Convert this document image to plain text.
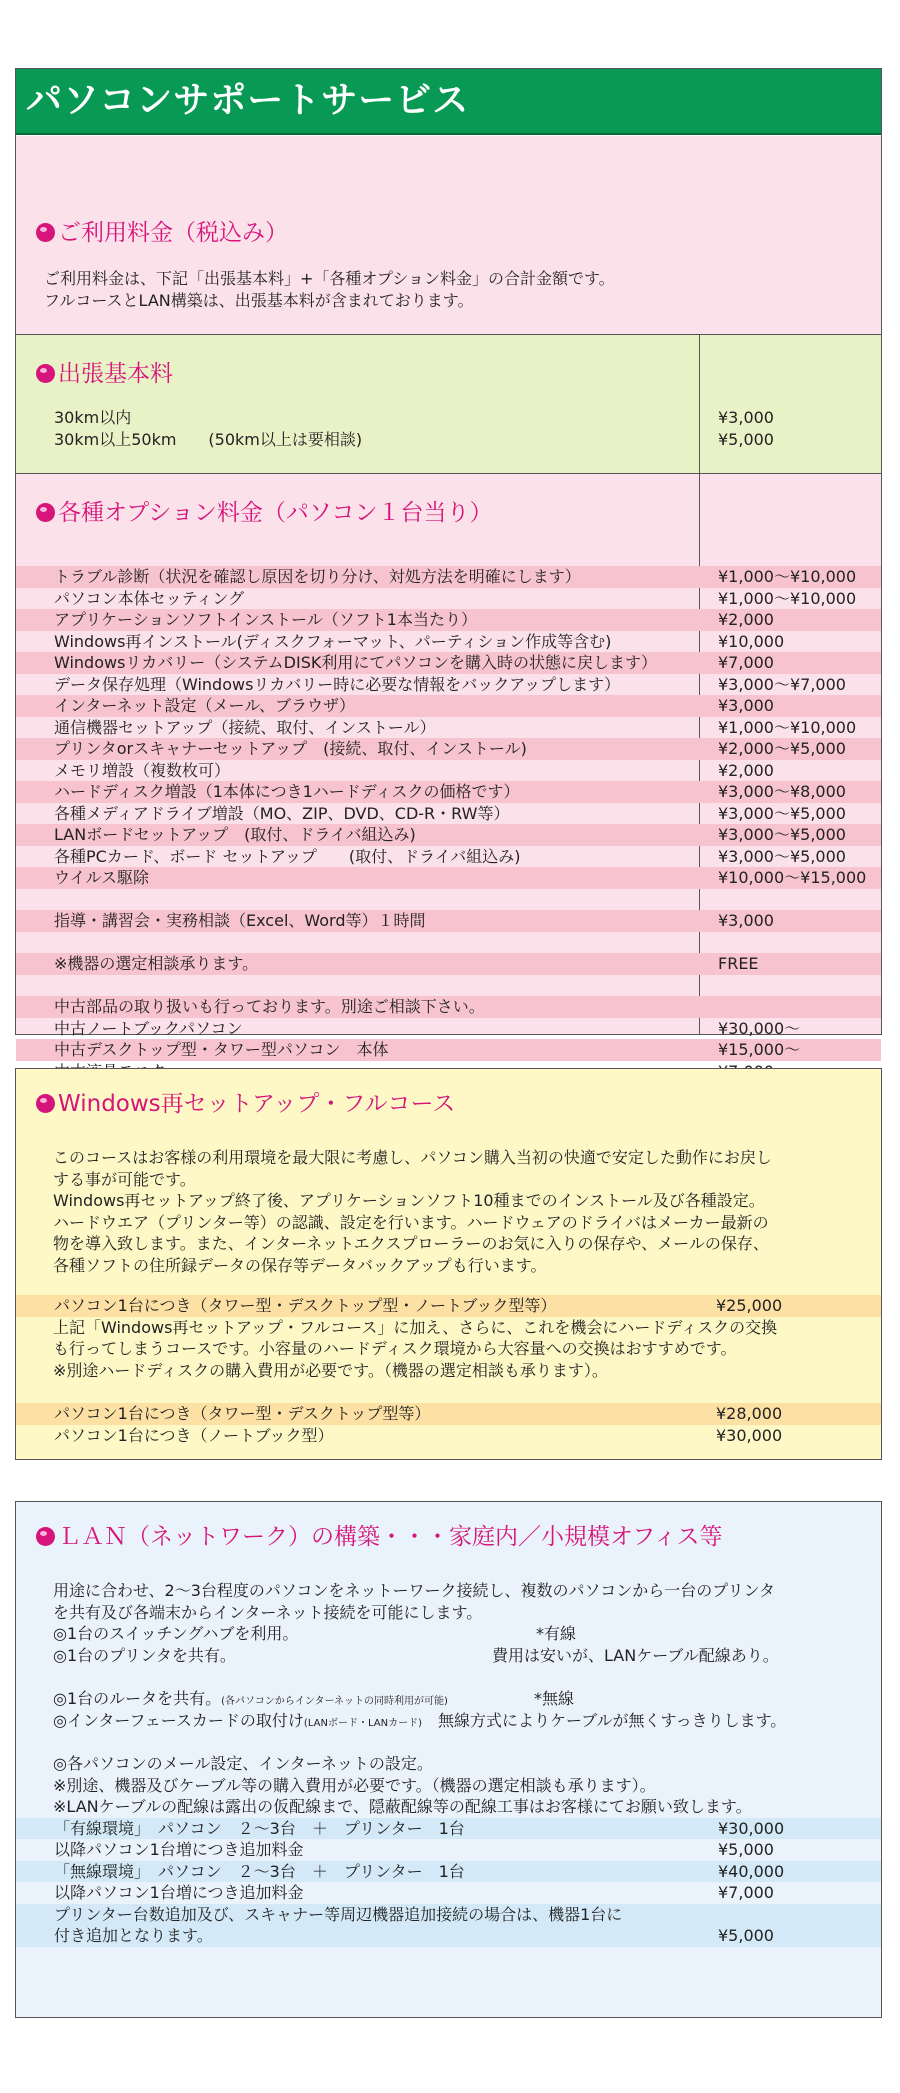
パソコンサポートサービス
ご利用料金（税込み）
ご利用料金は、下記「出張基本料」+「各種オプション料金」の合計金額です。
フルコースとLAN構築は、出張基本料が含まれております。
出張基本料
30km以内	¥3,000
30km以上50km　　(50km以上は要相談)	¥5,000
各種オプション料金（パソコン１台当り）
トラブル診断（状況を確認し原因を切り分け、対処方法を明確にします）	¥1,000～¥10,000
パソコン本体セッティング	¥1,000～¥10,000
アプリケーションソフトインストール（ソフト1本当たり）	¥2,000
Windows再インストール(ディスクフォーマット、パーティション作成等含む)	¥10,000
Windowsリカバリー（システムDISK利用にてパソコンを購入時の状態に戻します）	¥7,000
データ保存処理（Windowsリカバリー時に必要な情報をバックアップします）	¥3,000～¥7,000
インターネット設定（メール、ブラウザ）	¥3,000
通信機器セットアップ（接続、取付、インストール）	¥1,000～¥10,000
プリンタorスキャナーセットアップ　(接続、取付、インストール)	¥2,000～¥5,000
メモリ増設（複数枚可）	¥2,000
ハードディスク増設（1本体につき1ハードディスクの価格です）	¥3,000～¥8,000
各種メディアドライブ増設（MO、ZIP、DVD、CD-R・RW等）	¥3,000～¥5,000
LANボードセットアップ　(取付、ドライバ組込み)	¥3,000～¥5,000
各種PCカード、ボード セットアップ　　(取付、ドライバ組込み)	¥3,000～¥5,000
ウイルス駆除	¥10,000～¥15,000
指導・講習会・実務相談（Excel、Word等）１時間	¥3,000
※機器の選定相談承ります。	FREE
中古部品の取り扱いも行っております。別途ご相談下さい。
中古ノートブックパソコン	¥30,000～
中古デスクトップ型・タワー型パソコン　本体	¥15,000～
Windows再セットアップ・フルコース
このコースはお客様の利用環境を最大限に考慮し、パソコン購入当初の快適で安定した動作にお戻し
する事が可能です。
Windows再セットアップ終了後、アプリケーションソフト10種までのインストール及び各種設定。
ハードウエア（プリンター等）の認識、設定を行います。ハードウェアのドライバはメーカー最新の
物を導入致します。また、インターネットエクスプローラーのお気に入りの保存や、メールの保存、
各種ソフトの住所録データの保存等データバックアップも行います。
パソコン1台につき（タワー型・デスクトップ型・ノートブック型等）	¥25,000
上記「Windows再セットアップ・フルコース」に加え、さらに、これを機会にハードディスクの交換
も行ってしまうコースです。小容量のハードディスク環境から大容量への交換はおすすめです。
※別途ハードディスクの購入費用が必要です。（機器の選定相談も承ります）。
パソコン1台につき（タワー型・デスクトップ型等）	¥28,000
パソコン1台につき（ノートブック型）	¥30,000
ＬＡＮ（ネットワーク）の構築・・・家庭内／小規模オフィス等
用途に合わせ、2～3台程度のパソコンをネットーワーク接続し、複数のパソコンから一台のプリンタ
を共有及び各端末からインターネット接続を可能にします。
◎1台のスイッチングハブを利用。	*有線
◎1台のプリンタを共有。	費用は安いが、LANケーブル配線あり。
◎1台のルータを共有。(各パソコンからインターネットの同時利用が可能)	*無線
◎インターフェースカードの取付け(LANボード・LANカード)　 無線方式によりケーブルが無くすっきりします。
◎各パソコンのメール設定、インターネットの設定。
※別途、機器及びケーブル等の購入費用が必要です。（機器の選定相談も承ります）。
※LANケーブルの配線は露出の仮配線まで、隠蔽配線等の配線工事はお客様にてお願い致します。
「有線環境」　パソコン　２～3台　＋　プリンター　1台	¥30,000
以降パソコン1台増につき追加料金	¥5,000
「無線環境」　パソコン　２～3台　＋　プリンター　1台	¥40,000
以降パソコン1台増につき追加料金	¥7,000
プリンター台数追加及び、スキャナー等周辺機器追加接続の場合は、機器1台に
付き追加となります。	¥5,000
